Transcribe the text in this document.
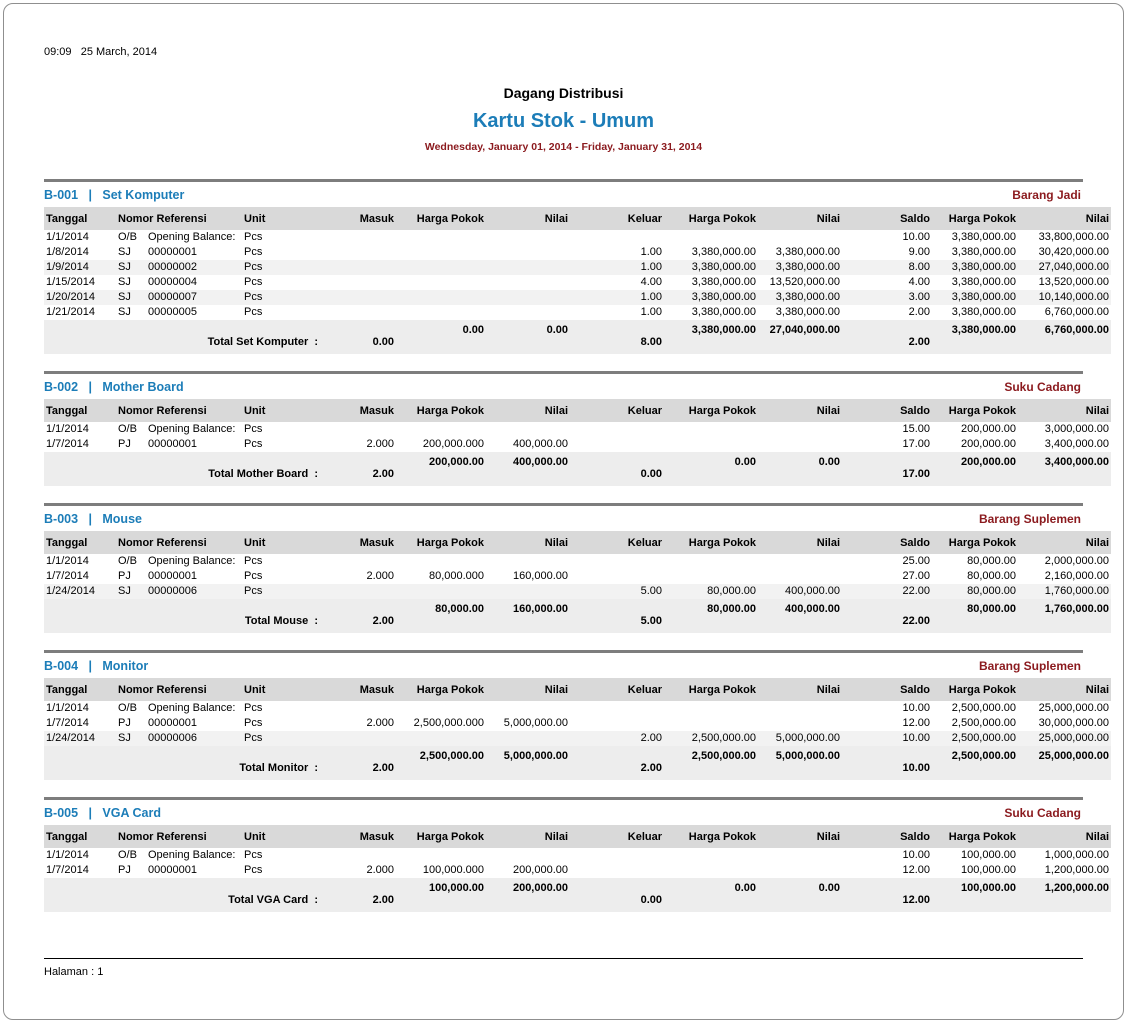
09:09   25 March, 2014
Dagang Distribusi
Kartu Stok - Umum
Wednesday, January 01, 2014 - Friday, January 31, 2014
B-001   |   Set Komputer	Barang Jadi
Tanggal	Nomor Referensi		Unit	Masuk	Harga Pokok	Nilai	Keluar	Harga Pokok	Nilai	Saldo	Harga Pokok	Nilai
1/1/2014	O/B	Opening Balance:	Pcs							10.00	3,380,000.00	33,800,000.00
1/8/2014	SJ	00000001	Pcs				1.00	3,380,000.00	3,380,000.00	9.00	3,380,000.00	30,420,000.00
1/9/2014	SJ	00000002	Pcs				1.00	3,380,000.00	3,380,000.00	8.00	3,380,000.00	27,040,000.00
1/15/2014	SJ	00000004	Pcs				4.00	3,380,000.00	13,520,000.00	4.00	3,380,000.00	13,520,000.00
1/20/2014	SJ	00000007	Pcs				1.00	3,380,000.00	3,380,000.00	3.00	3,380,000.00	10,140,000.00
1/21/2014	SJ	00000005	Pcs				1.00	3,380,000.00	3,380,000.00	2.00	3,380,000.00	6,760,000.00
Total Set Komputer  :				0.00	0.00	0.00	8.00	3,380,000.00	27,040,000.00	2.00	3,380,000.00	6,760,000.00
B-002   |   Mother Board	Suku Cadang
Tanggal	Nomor Referensi		Unit	Masuk	Harga Pokok	Nilai	Keluar	Harga Pokok	Nilai	Saldo	Harga Pokok	Nilai
1/1/2014	O/B	Opening Balance:	Pcs							15.00	200,000.00	3,000,000.00
1/7/2014	PJ	00000001	Pcs	2.000	200,000.000	400,000.00				17.00	200,000.00	3,400,000.00
Total Mother Board  :				2.00	200,000.00	400,000.00	0.00	0.00	0.00	17.00	200,000.00	3,400,000.00
B-003   |   Mouse	Barang Suplemen
Tanggal	Nomor Referensi		Unit	Masuk	Harga Pokok	Nilai	Keluar	Harga Pokok	Nilai	Saldo	Harga Pokok	Nilai
1/1/2014	O/B	Opening Balance:	Pcs							25.00	80,000.00	2,000,000.00
1/7/2014	PJ	00000001	Pcs	2.000	80,000.000	160,000.00				27.00	80,000.00	2,160,000.00
1/24/2014	SJ	00000006	Pcs				5.00	80,000.00	400,000.00	22.00	80,000.00	1,760,000.00
Total Mouse  :				2.00	80,000.00	160,000.00	5.00	80,000.00	400,000.00	22.00	80,000.00	1,760,000.00
B-004   |   Monitor	Barang Suplemen
Tanggal	Nomor Referensi		Unit	Masuk	Harga Pokok	Nilai	Keluar	Harga Pokok	Nilai	Saldo	Harga Pokok	Nilai
1/1/2014	O/B	Opening Balance:	Pcs							10.00	2,500,000.00	25,000,000.00
1/7/2014	PJ	00000001	Pcs	2.000	2,500,000.000	5,000,000.00				12.00	2,500,000.00	30,000,000.00
1/24/2014	SJ	00000006	Pcs				2.00	2,500,000.00	5,000,000.00	10.00	2,500,000.00	25,000,000.00
Total Monitor  :				2.00	2,500,000.00	5,000,000.00	2.00	2,500,000.00	5,000,000.00	10.00	2,500,000.00	25,000,000.00
B-005   |   VGA Card	Suku Cadang
Tanggal	Nomor Referensi		Unit	Masuk	Harga Pokok	Nilai	Keluar	Harga Pokok	Nilai	Saldo	Harga Pokok	Nilai
1/1/2014	O/B	Opening Balance:	Pcs							10.00	100,000.00	1,000,000.00
1/7/2014	PJ	00000001	Pcs	2.000	100,000.000	200,000.00				12.00	100,000.00	1,200,000.00
Total VGA Card  :				2.00	100,000.00	200,000.00	0.00	0.00	0.00	12.00	100,000.00	1,200,000.00
Halaman : 1
